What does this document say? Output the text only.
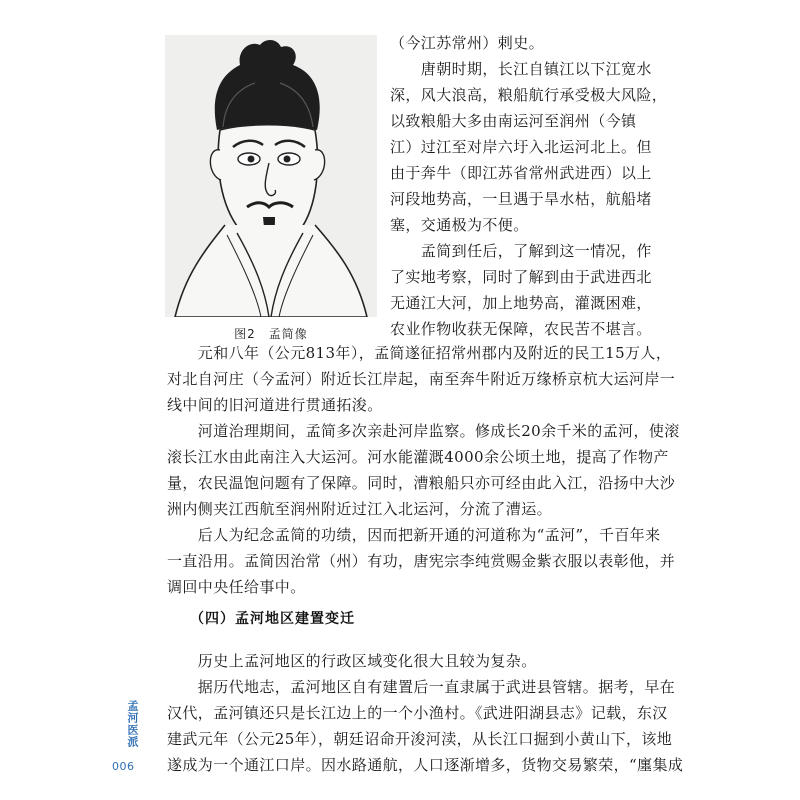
图2　孟简像

（今江苏常州）剌史。

　　唐朝时期，长江自镇江以下江宽水

深，风大浪高，粮船航行承受极大风险，

以致粮船大多由南运河至润州（今镇

江）过江至对岸六圩入北运河北上。但

由于奔牛（即江苏省常州武进西）以上

河段地势高，一旦遇于旱水枯，航船堵

塞，交通极为不便。

　　孟简到任后，了解到这一情况，作

了实地考察，同时了解到由于武进西北

无通江大河，加上地势高，灌溉困难，

农业作物收获无保障，农民苦不堪言。

　　元和八年（公元813年），孟简遂征招常州郡内及附近的民工15万人，

对北自河庄（今孟河）附近长江岸起，南至奔牛附近万缘桥京杭大运河岸一

线中间的旧河道进行贯通拓浚。

　　河道治理期间，孟简多次亲赴河岸监察。修成长20余千米的孟河，使滚

滚长江水由此南注入大运河。河水能灌溉4000余公顷土地，提高了作物产

量，农民温饱问题有了保障。同时，漕粮船只亦可经由此入江，沿扬中大沙

洲内侧夹江西航至润州附近过江入北运河，分流了漕运。

　　后人为纪念孟简的功绩，因而把新开通的河道称为“孟河”，千百年来

一直沿用。孟简因治常（州）有功，唐宪宗李纯赏赐金紫衣服以表彰他，并

调回中央任给事中。

（四）孟河地区建置变迁

　　历史上孟河地区的行政区域变化很大且较为复杂。

　　据历代地志，孟河地区自有建置后一直隶属于武进县管辖。据考，早在

汉代，孟河镇还只是长江边上的一个小渔村。《武进阳湖县志》记载，东汉

建武元年（公元25年），朝廷诏命开浚河渎，从长江口掘到小黄山下，该地

遂成为一个通江口岸。因水路通航，人口逐渐增多，货物交易繁荣，“廛集成

孟河医派
006
